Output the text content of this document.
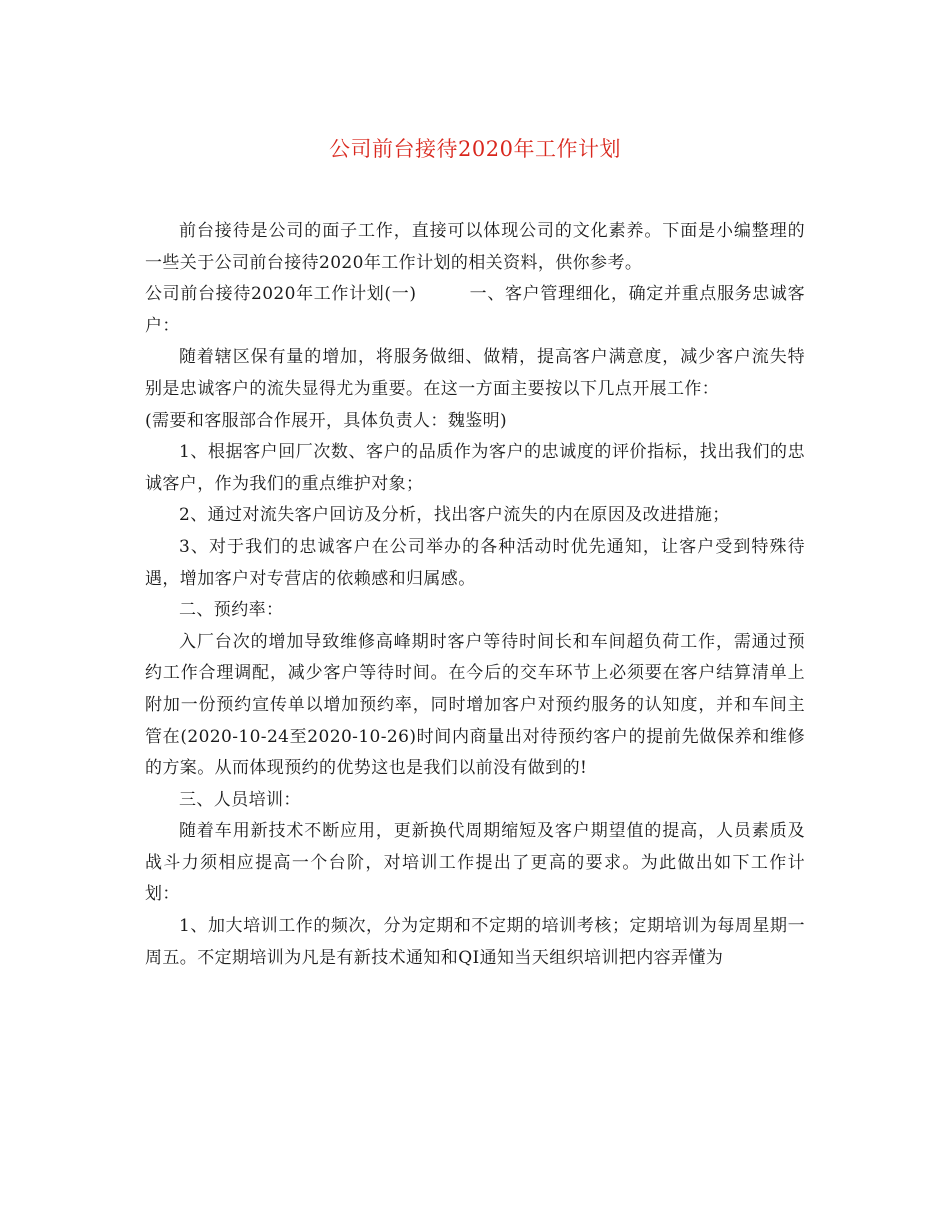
公司前台接待2020年工作计划

前台接待是公司的面子工作，直接可以体现公司的文化素养。下面是小编整理的一些关于公司前台接待2020年工作计划的相关资料，供你参考。

公司前台接待2020年工作计划(一)　　　一、客户管理细化，确定并重点服务忠诚客户：

随着辖区保有量的增加，将服务做细、做精，提高客户满意度，减少客户流失特别是忠诚客户的流失显得尤为重要。在这一方面主要按以下几点开展工作：

(需要和客服部合作展开，具体负责人：魏鉴明)

1、根据客户回厂次数、客户的品质作为客户的忠诚度的评价指标，找出我们的忠诚客户，作为我们的重点维护对象；

2、通过对流失客户回访及分析，找出客户流失的内在原因及改进措施；

3、对于我们的忠诚客户在公司举办的各种活动时优先通知，让客户受到特殊待遇，增加客户对专营店的依赖感和归属感。

二、预约率：

入厂台次的增加导致维修高峰期时客户等待时间长和车间超负荷工作，需通过预约工作合理调配，减少客户等待时间。在今后的交车环节上必须要在客户结算清单上附加一份预约宣传单以增加预约率，同时增加客户对预约服务的认知度，并和车间主管在(2020-10-24至2020-10-26)时间内商量出对待预约客户的提前先做保养和维修的方案。从而体现预约的优势这也是我们以前没有做到的!

三、人员培训：

随着车用新技术不断应用，更新换代周期缩短及客户期望值的提高，人员素质及战斗力须相应提高一个台阶，对培训工作提出了更高的要求。为此做出如下工作计划：

1、加大培训工作的频次，分为定期和不定期的培训考核；定期培训为每周星期一周五。不定期培训为凡是有新技术通知和QI通知当天组织培训把内容弄懂为
